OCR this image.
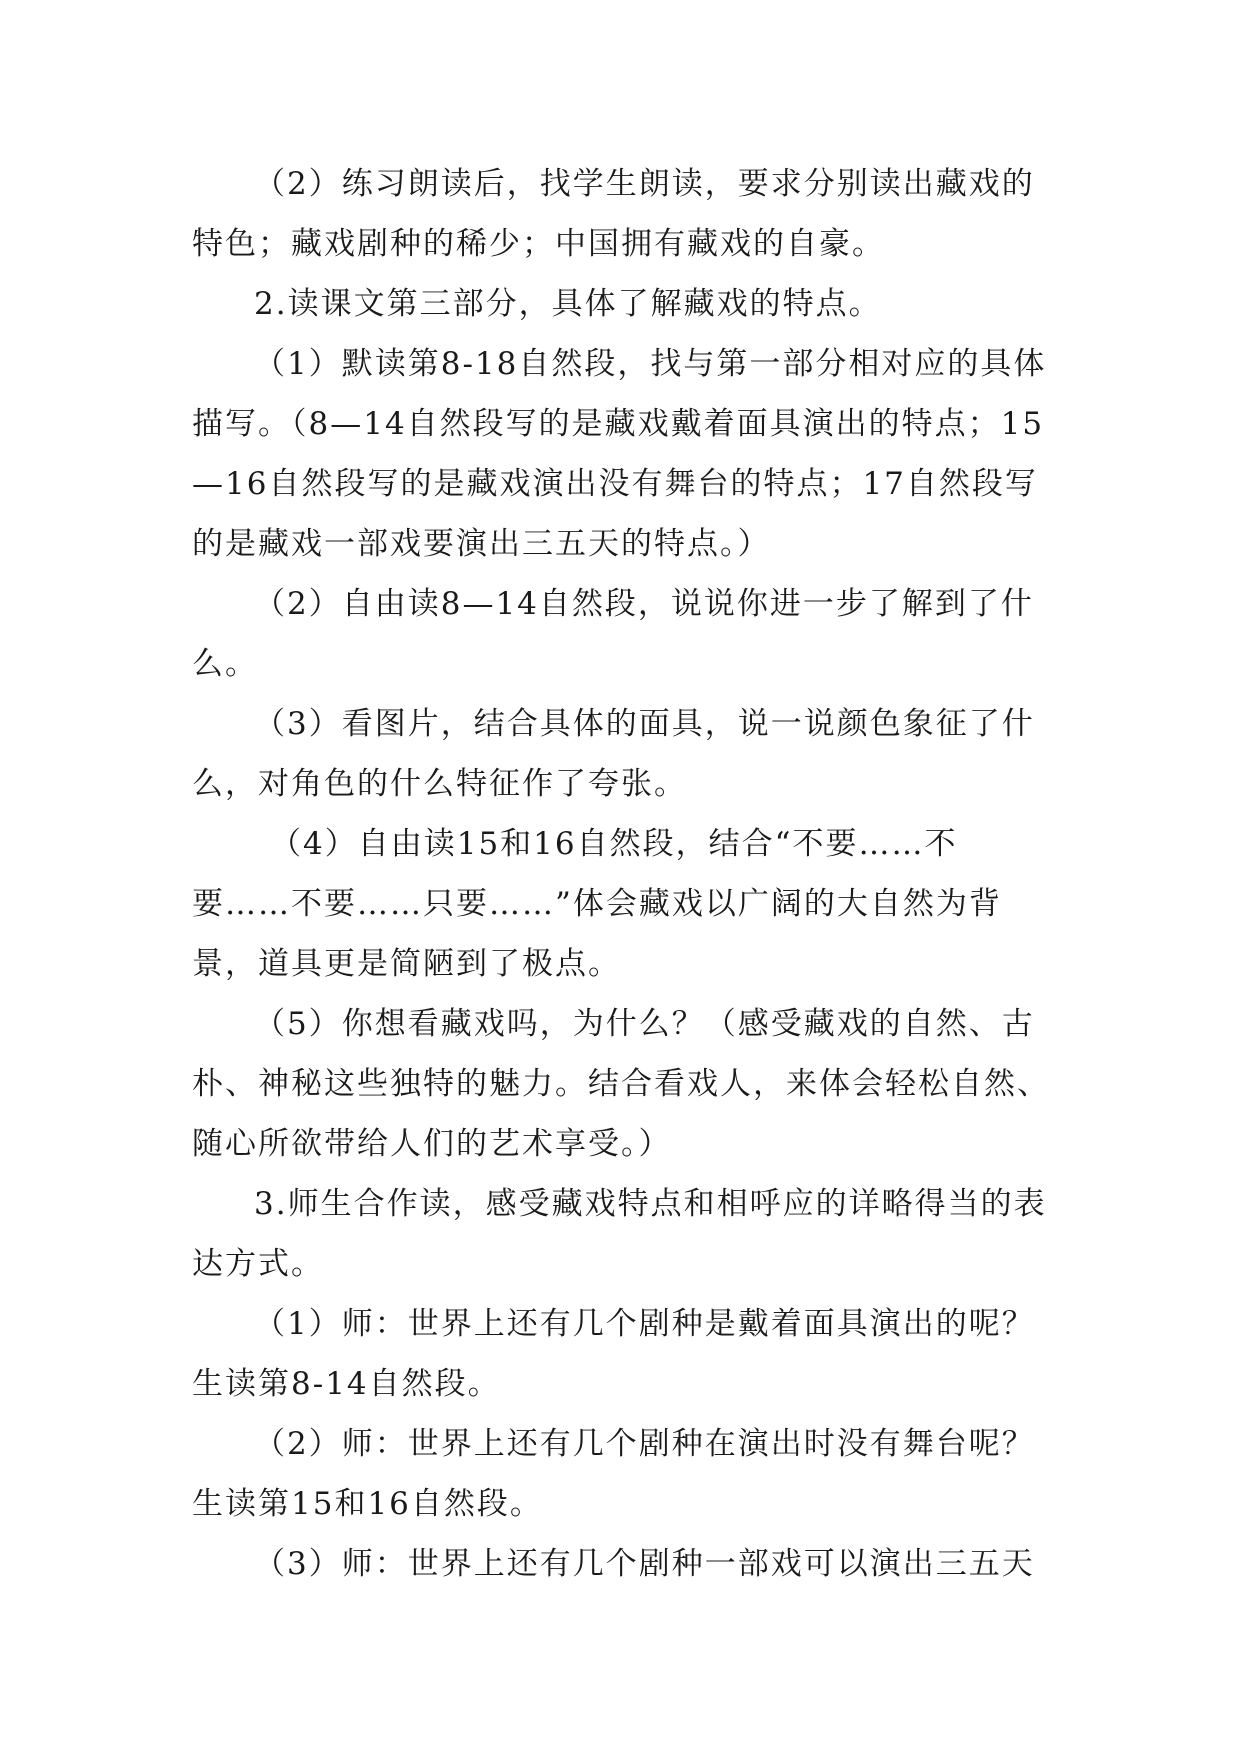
（2）练习朗读后，找学生朗读，要求分别读出藏戏的特色；藏戏剧种的稀少；中国拥有藏戏的自豪。

2.读课文第三部分，具体了解藏戏的特点。

（1）默读第8-18自然段，找与第一部分相对应的具体描写。（8—14自然段写的是藏戏戴着面具演出的特点；15—16自然段写的是藏戏演出没有舞台的特点；17自然段写的是藏戏一部戏要演出三五天的特点。）

（2）自由读8—14自然段，说说你进一步了解到了什么。

（3）看图片，结合具体的面具，说一说颜色象征了什么，对角色的什么特征作了夸张。

（4）自由读15和16自然段，结合“不要……不要……不要……只要……”体会藏戏以广阔的大自然为背景，道具更是简陋到了极点。

（5）你想看藏戏吗，为什么？（感受藏戏的自然、古朴、神秘这些独特的魅力。结合看戏人，来体会轻松自然、随心所欲带给人们的艺术享受。）

3.师生合作读，感受藏戏特点和相呼应的详略得当的表达方式。

（1）师：世界上还有几个剧种是戴着面具演出的呢？生读第8-14自然段。

（2）师：世界上还有几个剧种在演出时没有舞台呢？生读第15和16自然段。

（3）师：世界上还有几个剧种一部戏可以演出三五天
